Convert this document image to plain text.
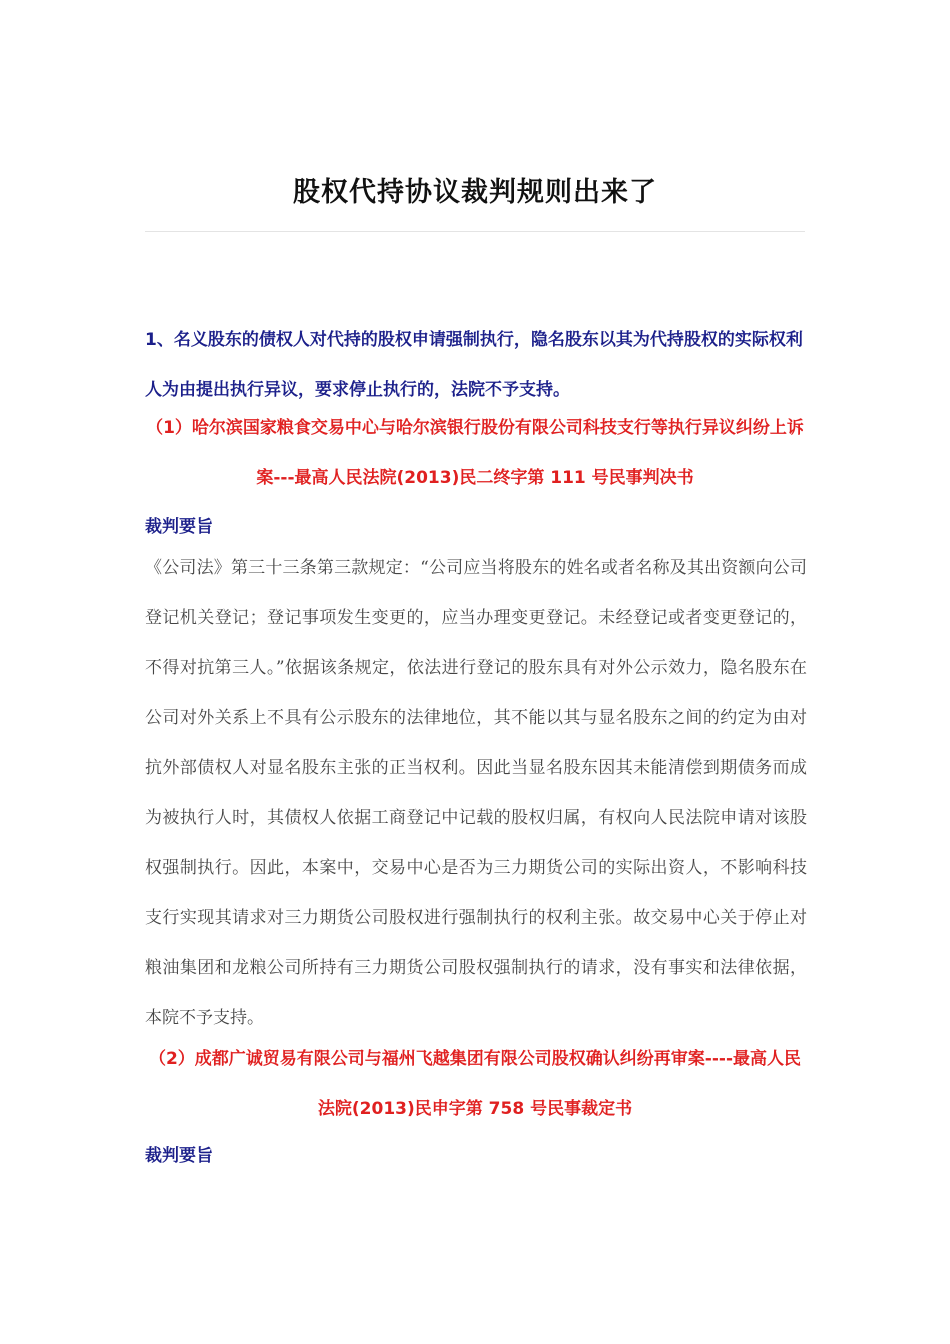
股权代持协议裁判规则出来了
1、名义股东的债权人对代持的股权申请强制执行，隐名股东以其为代持股权的实际权利人为由提出执行异议，要求停止执行的，法院不予支持。
（1）哈尔滨国家粮食交易中心与哈尔滨银行股份有限公司科技支行等执行异议纠纷上诉案---最高人民法院(2013)民二终字第 111 号民事判决书
裁判要旨
《公司法》第三十三条第三款规定：“公司应当将股东的姓名或者名称及其出资额向公司登记机关登记；登记事项发生变更的，应当办理变更登记。未经登记或者变更登记的，不得对抗第三人。”依据该条规定，依法进行登记的股东具有对外公示效力，隐名股东在公司对外关系上不具有公示股东的法律地位，其不能以其与显名股东之间的约定为由对抗外部债权人对显名股东主张的正当权利。因此当显名股东因其未能清偿到期债务而成为被执行人时，其债权人依据工商登记中记载的股权归属，有权向人民法院申请对该股权强制执行。因此，本案中，交易中心是否为三力期货公司的实际出资人，不影响科技支行实现其请求对三力期货公司股权进行强制执行的权利主张。故交易中心关于停止对粮油集团和龙粮公司所持有三力期货公司股权强制执行的请求，没有事实和法律依据，本院不予支持。
（2）成都广诚贸易有限公司与福州飞越集团有限公司股权确认纠纷再审案----最高人民法院(2013)民申字第 758 号民事裁定书
裁判要旨
